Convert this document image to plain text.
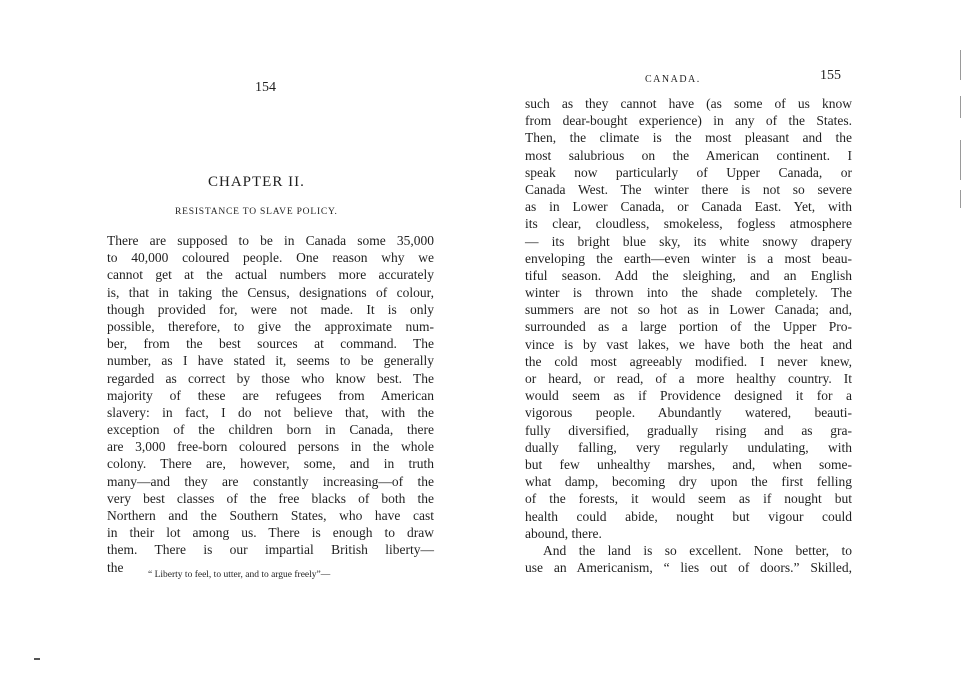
154
CHAPTER II.
RESISTANCE TO SLAVE POLICY.
There are supposed to be in Canada some 35,000
to 40,000 coloured people. One reason why we
cannot get at the actual numbers more accurately
is, that in taking the Census, designations of colour,
though provided for, were not made. It is only
possible, therefore, to give the approximate num-
ber, from the best sources at command. The
number, as I have stated it, seems to be generally
regarded as correct by those who know best. The
majority of these are refugees from American
slavery: in fact, I do not believe that, with the
exception of the children born in Canada, there
are 3,000 free-born coloured persons in the whole
colony. There are, however, some, and in truth
many—and they are constantly increasing—of the
very best classes of the free blacks of both the
Northern and the Southern States, who have cast
in their lot among us. There is enough to draw
them. There is our impartial British liberty—
the
“ Liberty to feel, to utter, and to argue freely”—
CANADA.	155
such as they cannot have (as some of us know
from dear-bought experience) in any of the States.
Then, the climate is the most pleasant and the
most salubrious on the American continent. I
speak now particularly of Upper Canada, or
Canada West. The winter there is not so severe
as in Lower Canada, or Canada East. Yet, with
its clear, cloudless, smokeless, fogless atmosphere
— its bright blue sky, its white snowy drapery
enveloping the earth—even winter is a most beau-
tiful season. Add the sleighing, and an English
winter is thrown into the shade completely. The
summers are not so hot as in Lower Canada; and,
surrounded as a large portion of the Upper Pro-
vince is by vast lakes, we have both the heat and
the cold most agreeably modified. I never knew,
or heard, or read, of a more healthy country. It
would seem as if Providence designed it for a
vigorous people. Abundantly watered, beauti-
fully diversified, gradually rising and as gra-
dually falling, very regularly undulating, with
but few unhealthy marshes, and, when some-
what damp, becoming dry upon the first felling
of the forests, it would seem as if nought but
health could abide, nought but vigour could
abound, there.
And the land is so excellent. None better, to
use an Americanism, “ lies out of doors.” Skilled,
